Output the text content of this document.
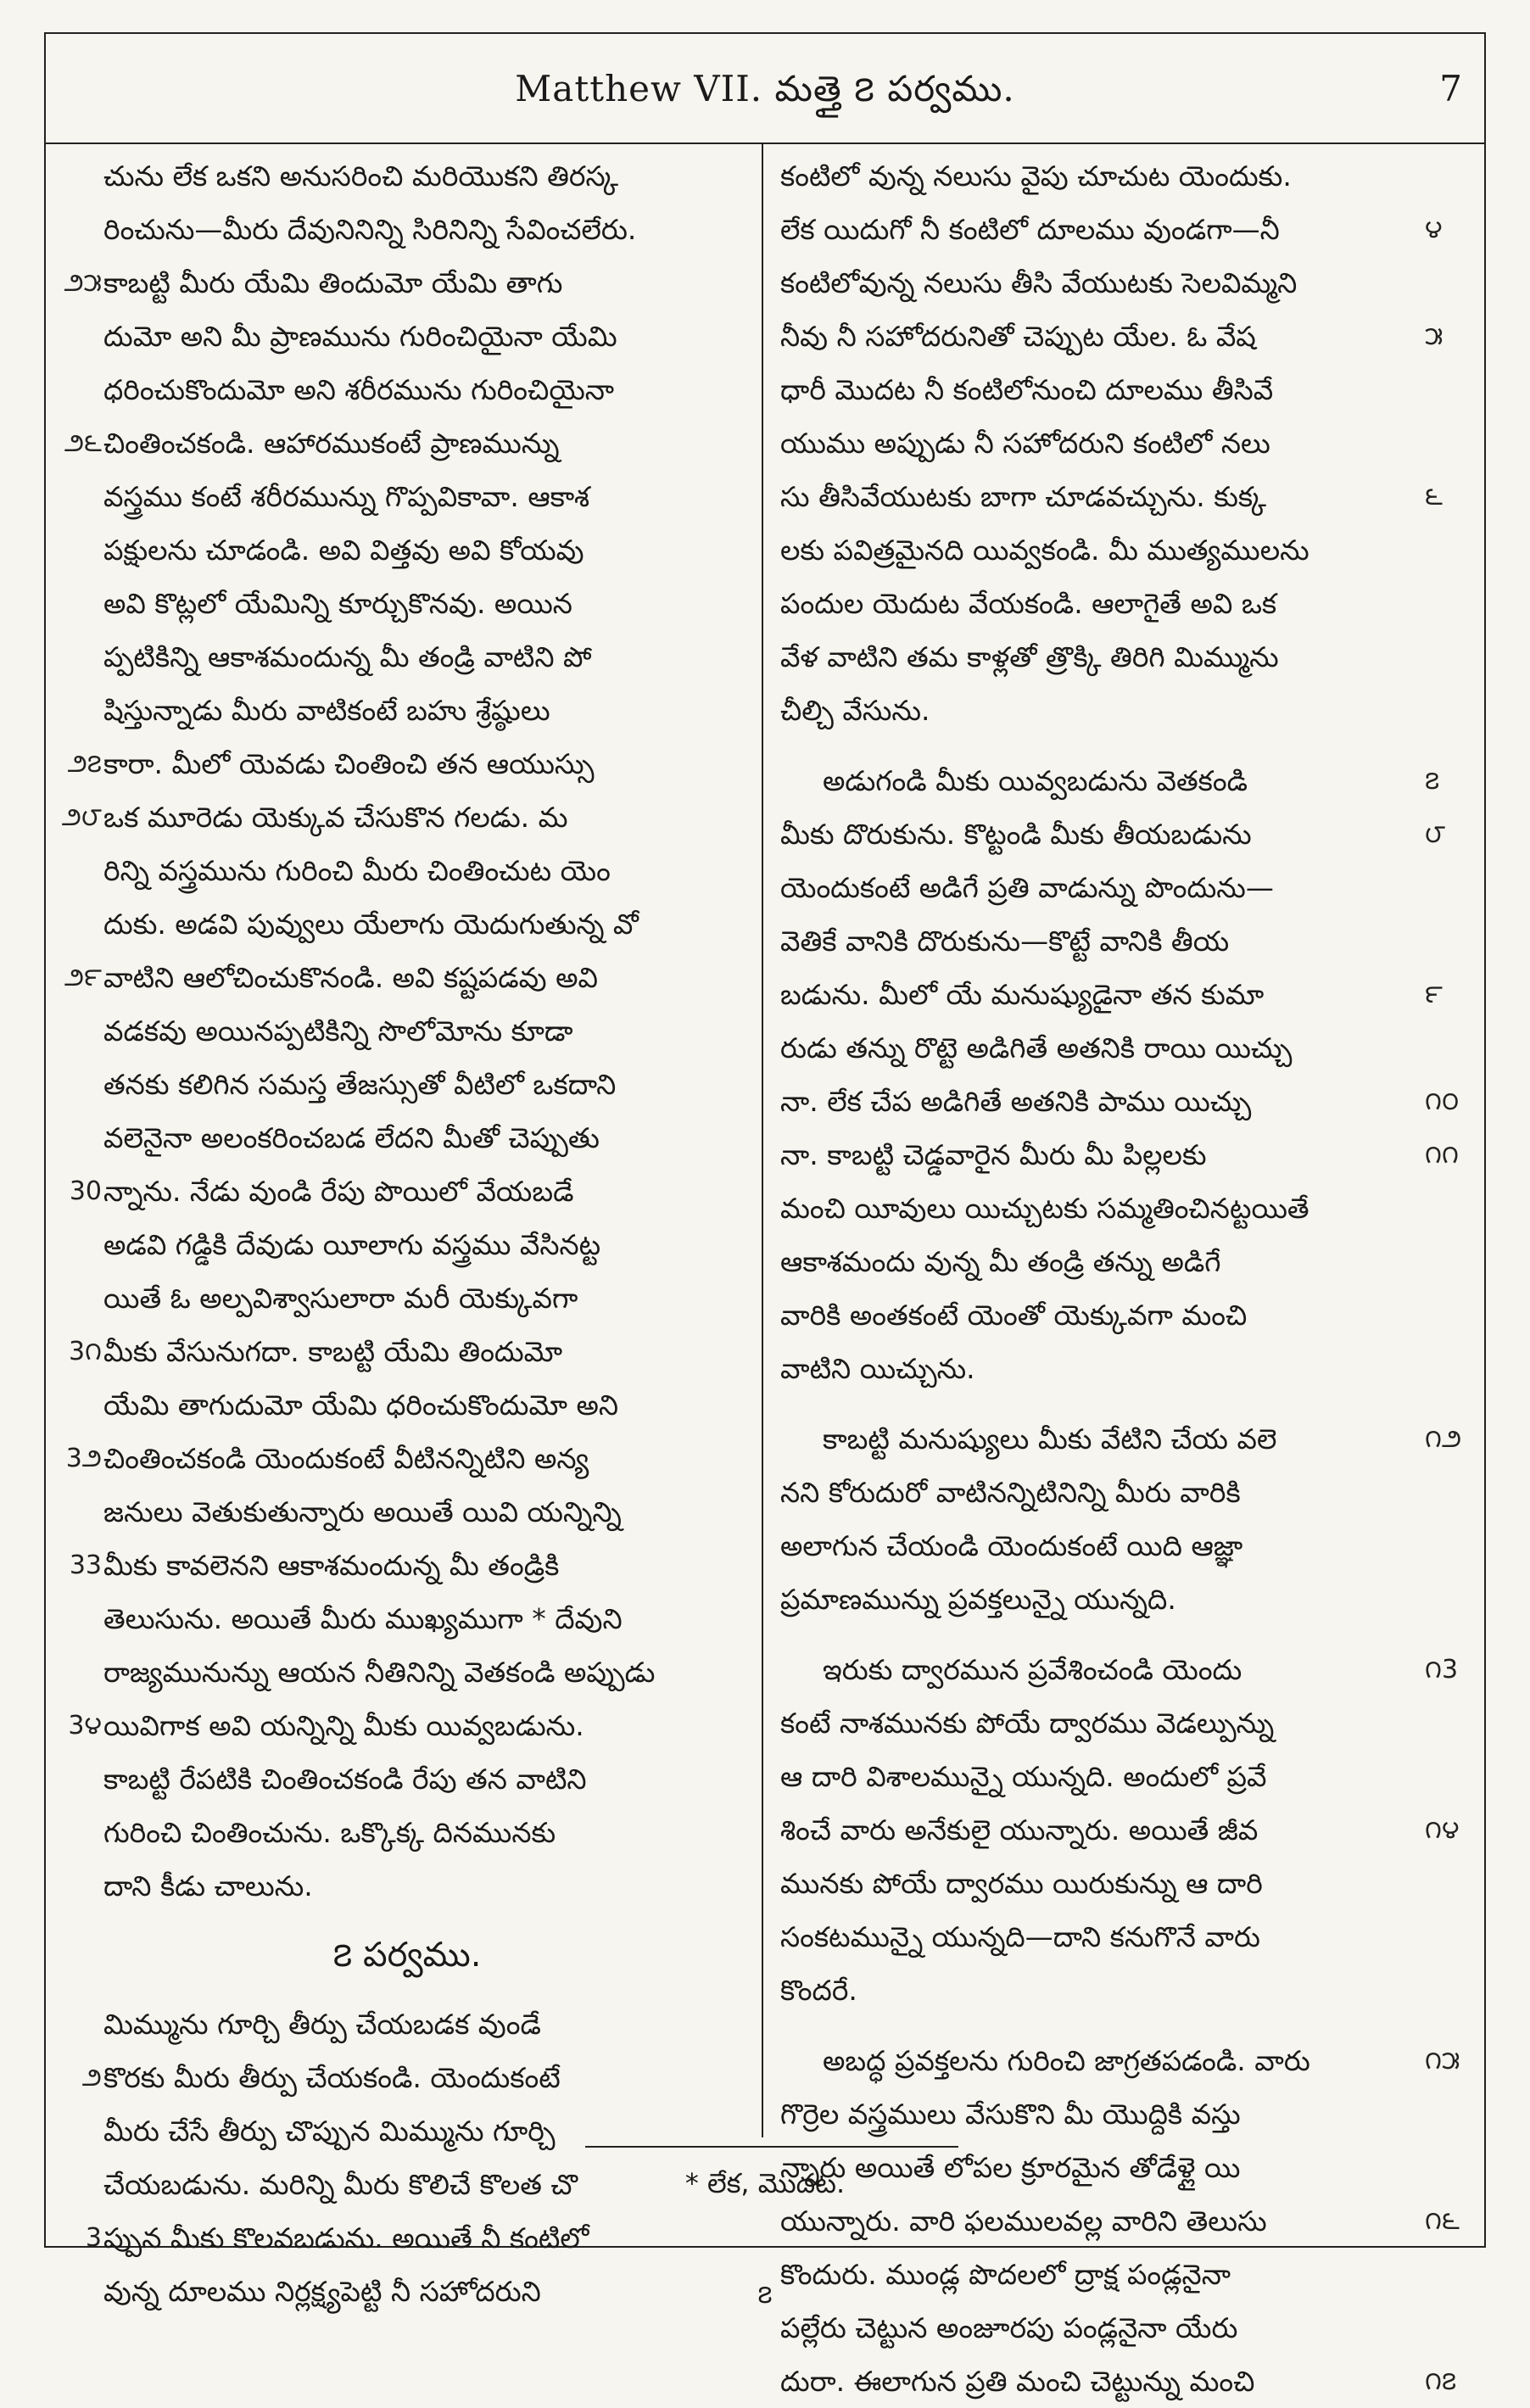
Matthew VII. మత్తై ౭ పర్వము.	7
చును లేక ఒకని అనుసరించి మరియొకని తిరస్క
రించును—మీరు దేవునినిన్ని సిరినిన్ని సేవించలేరు.
కాబట్టి మీరు యేమి తిందుమో యేమి తాగు
౨౫
దుమో అని మీ ప్రాణమును గురించియైనా యేమి
ధరించుకొందుమో అని శరీరమును గురించియైనా
చింతించకండి. ఆహారముకంటే ప్రాణమున్ను
౨౬
వస్త్రము కంటే శరీరమున్ను గొప్పవికావా. ఆకాశ
పక్షులను చూడండి. అవి విత్తవు అవి కోయవు
అవి కొట్లలో యేమిన్ని కూర్చుకొనవు. అయిన
ప్పటికిన్ని ఆకాశమందున్న మీ తండ్రి వాటిని పో
షిస్తున్నాడు మీరు వాటికంటే బహు శ్రేష్ఠులు
కారా. మీలో యెవడు చింతించి తన ఆయుస్సు
౨౭
ఒక మూరెడు యెక్కువ చేసుకొన గలడు. మ
౨౮
రిన్ని వస్త్రమును గురించి మీరు చింతించుట యెం
దుకు. అడవి పువ్వులు యేలాగు యెదుగుతున్న వో
వాటిని ఆలోచించుకొనండి. అవి కష్టపడవు అవి
౨౯
వడకవు అయినప్పటికిన్ని సొలోమోను కూడా
తనకు కలిగిన సమస్త తేజస్సుతో వీటిలో ఒకదాని
వలెనైనా అలంకరించబడ లేదని మీతో చెప్పుతు
న్నాను. నేడు వుండి రేపు పొయిలో వేయబడే
30
అడవి గడ్డికి దేవుడు యీలాగు వస్త్రము వేసినట్ట
యితే ఓ అల్పవిశ్వాసులారా మరీ యెక్కువగా
మీకు వేసునుగదా. కాబట్టి యేమి తిందుమో
3౧
యేమి తాగుదుమో యేమి ధరించుకొందుమో అని
చింతించకండి యెందుకంటే వీటినన్నిటిని అన్య
3౨
జనులు వెతుకుతున్నారు అయితే యివి యన్నిన్ని
మీకు కావలెనని ఆకాశమందున్న మీ తండ్రికి
33
తెలుసును. అయితే మీరు ముఖ్యముగా * దేవుని
రాజ్యమునున్ను ఆయన నీతినిన్ని వెతకండి అప్పుడు
యివిగాక అవి యన్నిన్ని మీకు యివ్వబడును.
3౪
కాబట్టి రేపటికి చింతించకండి రేపు తన వాటిని
గురించి చింతించును. ఒక్కొక్క దినమునకు
దాని కీడు చాలును.
౭ పర్వము.
మిమ్మును గూర్చి తీర్పు చేయబడక వుండే
కొరకు మీరు తీర్పు చేయకండి. యెందుకంటే
౨
మీరు చేసే తీర్పు చొప్పున మిమ్మును గూర్చి
చేయబడును. మరిన్ని మీరు కొలిచే కొలత చొ
ప్పున మీకు కొలవబడును. అయితే నీ కంటిలో
3
వున్న దూలము నిర్లక్ష్యపెట్టి నీ సహోదరుని
కంటిలో వున్న నలుసు వైపు చూచుట యెందుకు.
లేక యిదుగో నీ కంటిలో దూలము వుండగా—నీ	౪
కంటిలోవున్న నలుసు తీసి వేయుటకు సెలవిమ్మని
నీవు నీ సహోదరునితో చెప్పుట యేల. ఓ వేష	౫
ధారీ మొదట నీ కంటిలోనుంచి దూలము తీసివే
యుము అప్పుడు నీ సహోదరుని కంటిలో నలు
సు తీసివేయుటకు బాగా చూడవచ్చును. కుక్క	౬
లకు పవిత్రమైనది యివ్వకండి. మీ ముత్యములను
పందుల యెదుట వేయకండి. ఆలాగైతే అవి ఒక
వేళ వాటిని తమ కాళ్లతో త్రొక్కి తిరిగి మిమ్మును
చీల్చి వేసును.
అడుగండి మీకు యివ్వబడును వెతకండి	౭
మీకు దొరుకును. కొట్టండి మీకు తీయబడును	౮
యెందుకంటే అడిగే ప్రతి వాడున్ను పొందును—
వెతికే వానికి దొరుకును—కొట్టే వానికి తీయ
బడును. మీలో యే మనుష్యుడైనా తన కుమా	౯
రుడు తన్ను రొట్టె అడిగితే అతనికి రాయి యిచ్చు
నా. లేక చేప అడిగితే అతనికి పాము యిచ్చు	౧౦
నా. కాబట్టి చెడ్డవారైన మీరు మీ పిల్లలకు	౧౧
మంచి యీవులు యిచ్చుటకు సమ్మతించినట్టయితే
ఆకాశమందు వున్న మీ తండ్రి తన్ను అడిగే
వారికి అంతకంటే యెంతో యెక్కువగా మంచి
వాటిని యిచ్చును.
కాబట్టి మనుష్యులు మీకు వేటిని చేయ వలె	౧౨
నని కోరుదురో వాటినన్నిటినిన్ని మీరు వారికి
అలాగున చేయండి యెందుకంటే యిది ఆజ్ఞా
ప్రమాణమున్ను ప్రవక్తలున్నై యున్నది.
ఇరుకు ద్వారమున ప్రవేశించండి యెందు	౧3
కంటే నాశమునకు పోయే ద్వారము వెడల్పున్ను
ఆ దారి విశాలమున్నై యున్నది. అందులో ప్రవే
శించే వారు అనేకులై యున్నారు. అయితే జీవ	౧౪
మునకు పోయే ద్వారము యిరుకున్ను ఆ దారి
సంకటమున్నై యున్నది—దాని కనుగొనే వారు
కొందరే.
అబద్ధ ప్రవక్తలను గురించి జాగ్రతపడండి. వారు	౧౫
గొర్రెల వస్త్రములు వేసుకొని మీ యొద్దికి వస్తు
న్నారు అయితే లోపల క్రూరమైన తోడేళ్లై యి
యున్నారు. వారి ఫలములవల్ల వారిని తెలుసు	౧౬
కొందురు. ముండ్ల పొదలలో ద్రాక్ష పండ్లనైనా
పల్లేరు చెట్టున అంజూరపు పండ్లనైనా యేరు
దురా. ఈలాగున ప్రతి మంచి చెట్టున్ను మంచి	౧౭
* లేక, మొదట.
౭
